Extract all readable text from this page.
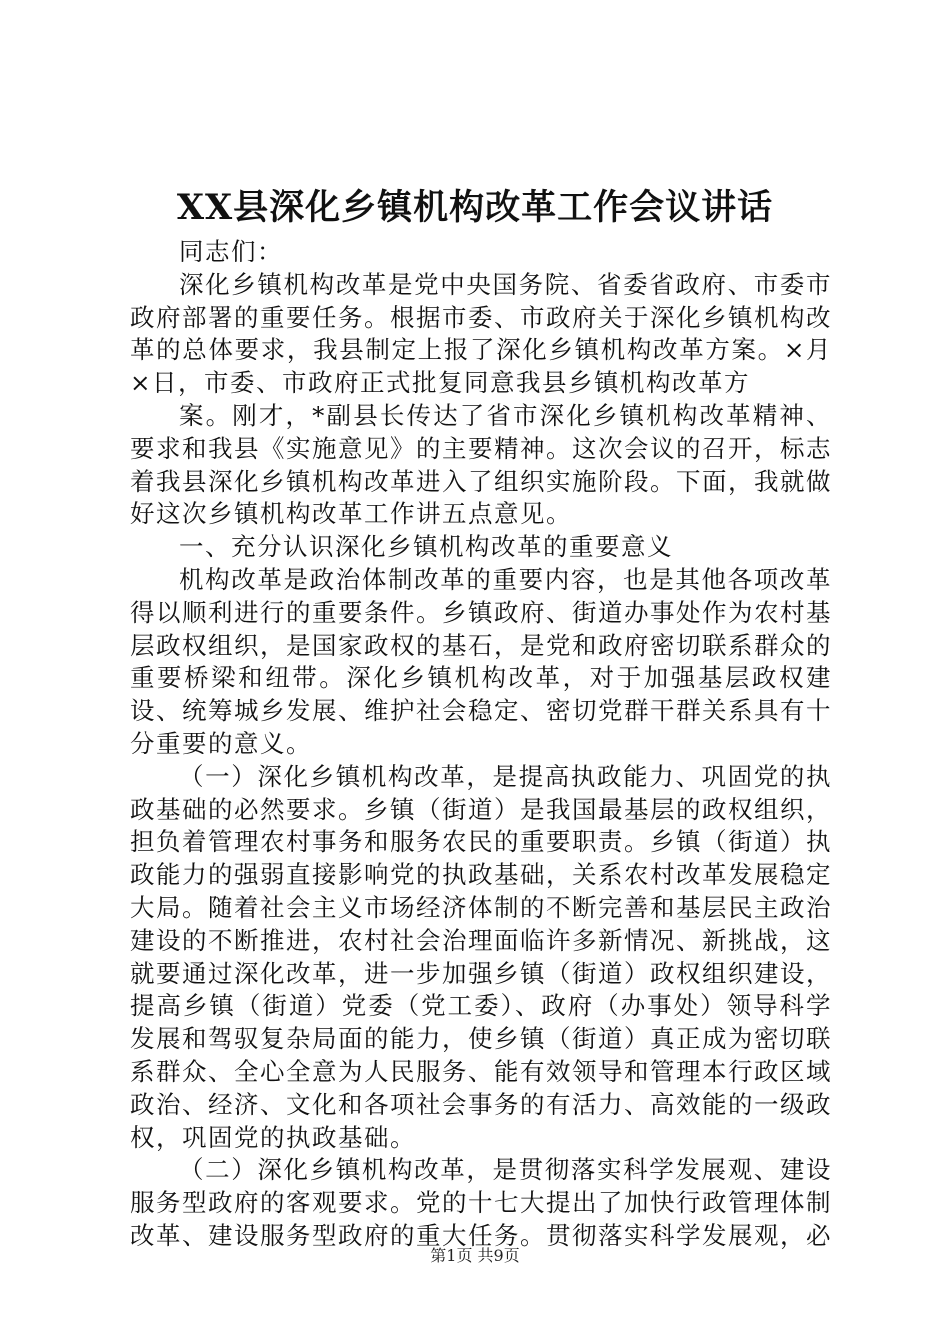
XX县深化乡镇机构改革工作会议讲话

同志们：

深化乡镇机构改革是党中央国务院、省委省政府、市委市政府部署的重要任务。根据市委、市政府关于深化乡镇机构改革的总体要求，我县制定上报了深化乡镇机构改革方案。×月×日，市委、市政府正式批复同意我县乡镇机构改革方

案。刚才，*副县长传达了省市深化乡镇机构改革精神、要求和我县《实施意见》的主要精神。这次会议的召开，标志着我县深化乡镇机构改革进入了组织实施阶段。下面，我就做好这次乡镇机构改革工作讲五点意见。

一、充分认识深化乡镇机构改革的重要意义

机构改革是政治体制改革的重要内容，也是其他各项改革得以顺利进行的重要条件。乡镇政府、街道办事处作为农村基层政权组织，是国家政权的基石，是党和政府密切联系群众的重要桥梁和纽带。深化乡镇机构改革，对于加强基层政权建设、统筹城乡发展、维护社会稳定、密切党群干群关系具有十分重要的意义。

（一）深化乡镇机构改革，是提高执政能力、巩固党的执政基础的必然要求。乡镇（街道）是我国最基层的政权组织，担负着管理农村事务和服务农民的重要职责。乡镇（街道）执政能力的强弱直接影响党的执政基础，关系农村改革发展稳定大局。随着社会主义市场经济体制的不断完善和基层民主政治建设的不断推进，农村社会治理面临许多新情况、新挑战，这就要通过深化改革，进一步加强乡镇（街道）政权组织建设，提高乡镇（街道）党委（党工委）、政府（办事处）领导科学发展和驾驭复杂局面的能力，使乡镇（街道）真正成为密切联系群众、全心全意为人民服务、能有效领导和管理本行政区域政治、经济、文化和各项社会事务的有活力、高效能的一级政权，巩固党的执政基础。

（二）深化乡镇机构改革，是贯彻落实科学发展观、建设服务型政府的客观要求。党的十七大提出了加快行政管理体制改革、建设服务型政府的重大任务。贯彻落实科学发展观，必

第1页 共9页
